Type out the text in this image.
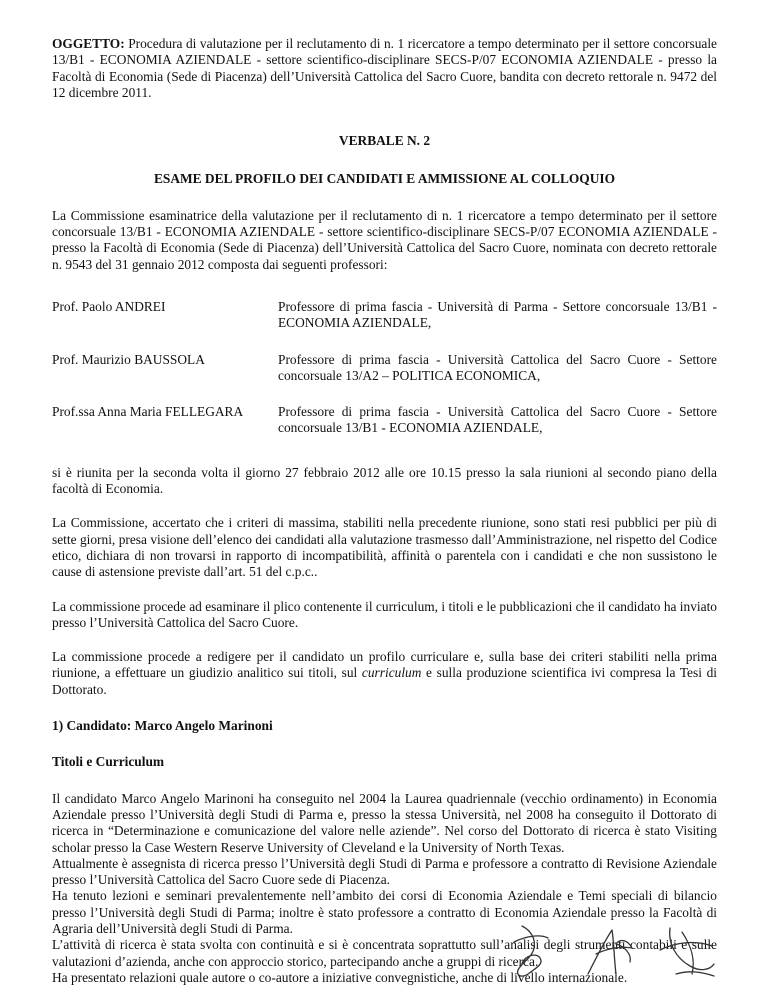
OGGETTO: Procedura di valutazione per il reclutamento di n. 1 ricercatore a tempo determinato per il settore concorsuale 13/B1 - ECONOMIA AZIENDALE - settore scientifico-disciplinare SECS-P/07 ECONOMIA AZIENDALE - presso la Facoltà di Economia (Sede di Piacenza) dell’Università Cattolica del Sacro Cuore, bandita con decreto rettorale n. 9472 del 12 dicembre 2011.

VERBALE N. 2

ESAME DEL PROFILO DEI CANDIDATI E AMMISSIONE AL COLLOQUIO

La Commissione esaminatrice della valutazione per il reclutamento di n. 1 ricercatore a tempo determinato per il settore concorsuale 13/B1 - ECONOMIA AZIENDALE - settore scientifico-disciplinare SECS-P/07 ECONOMIA AZIENDALE - presso la Facoltà di Economia (Sede di Piacenza) dell’Università Cattolica del Sacro Cuore, nominata con decreto rettorale n. 9543 del 31 gennaio 2012 composta dai seguenti professori:

Prof. Paolo ANDREI	Professore di prima fascia - Università di Parma - Settore concorsuale 13/B1 - ECONOMIA AZIENDALE,
Prof. Maurizio BAUSSOLA	Professore di prima fascia - Università Cattolica del Sacro Cuore - Settore concorsuale 13/A2 – POLITICA ECONOMICA,
Prof.ssa Anna Maria FELLEGARA	Professore di prima fascia - Università Cattolica del Sacro Cuore - Settore concorsuale 13/B1 - ECONOMIA AZIENDALE,

si è riunita per la seconda volta il giorno 27 febbraio 2012 alle ore 10.15 presso la sala riunioni al secondo piano della facoltà di Economia.

La Commissione, accertato che i criteri di massima, stabiliti nella precedente riunione, sono stati resi pubblici per più di sette giorni, presa visione dell’elenco dei candidati alla valutazione trasmesso dall’Amministrazione, nel rispetto del Codice etico, dichiara di non trovarsi in rapporto di incompatibilità, affinità o parentela con i candidati e che non sussistono le cause di astensione previste dall’art. 51 del c.p.c..

La commissione procede ad esaminare il plico contenente il curriculum, i titoli e le pubblicazioni che il candidato ha inviato presso l’Università Cattolica del Sacro Cuore.

La commissione procede a redigere per il candidato un profilo curriculare e, sulla base dei criteri stabiliti nella prima riunione, a effettuare un giudizio analitico sui titoli, sul curriculum e sulla produzione scientifica ivi compresa la Tesi di Dottorato.

1) Candidato: Marco Angelo Marinoni

Titoli e Curriculum

Il candidato Marco Angelo Marinoni ha conseguito nel 2004 la Laurea quadriennale (vecchio ordinamento) in Economia Aziendale presso l’Università degli Studi di Parma e, presso la stessa Università, nel 2008 ha conseguito il Dottorato di ricerca in “Determinazione e comunicazione del valore nelle aziende”. Nel corso del Dottorato di ricerca è stato Visiting scholar presso la Case Western Reserve University of Cleveland e la University of North Texas.

Attualmente è assegnista di ricerca presso l’Università degli Studi di Parma e professore a contratto di Revisione Aziendale presso l’Università Cattolica del Sacro Cuore sede di Piacenza.

Ha tenuto lezioni e seminari prevalentemente nell’ambito dei corsi di Economia Aziendale e Temi speciali di bilancio presso l’Università degli Studi di Parma; inoltre è stato professore a contratto di Economia Aziendale presso la Facoltà di Agraria dell’Università degli Studi di Parma.

L’attività di ricerca è stata svolta con continuità e si è concentrata soprattutto sull’analisi degli strumenti contabili e sulle valutazioni d’azienda, anche con approccio storico, partecipando anche a gruppi di ricerca.

Ha presentato relazioni quale autore o co-autore a iniziative convegnistiche, anche di livello internazionale.
